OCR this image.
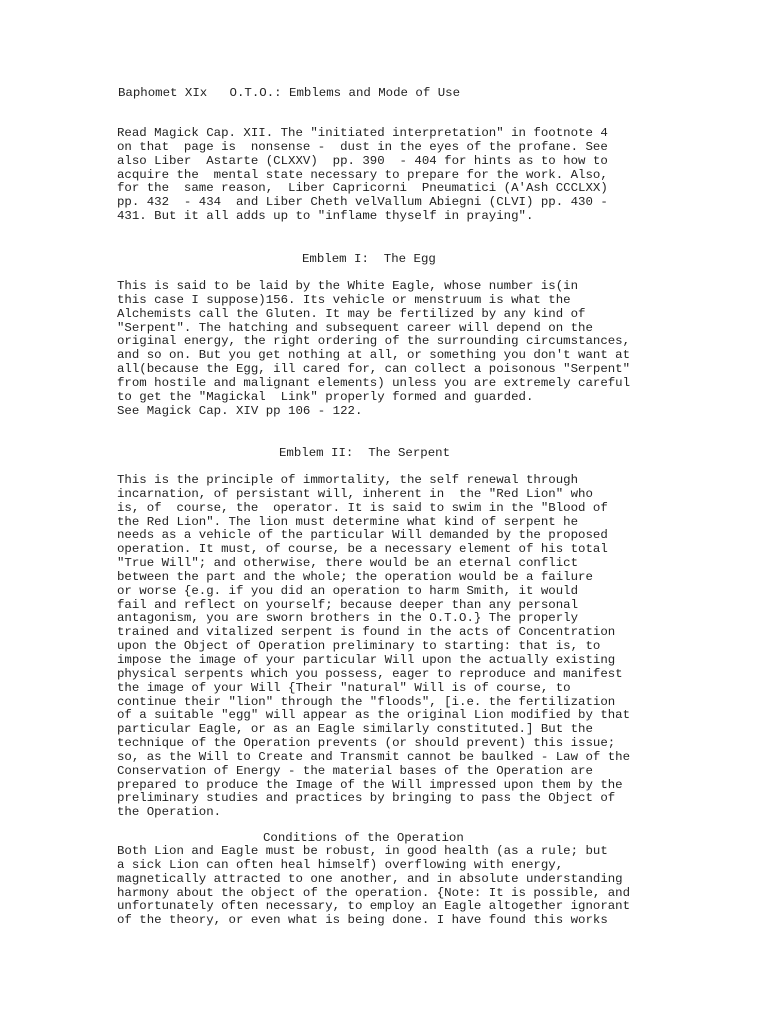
Baphomet XIx   O.T.O.: Emblems and Mode of Use
Read Magick Cap. XII. The "initiated interpretation" in footnote 4
on that  page is  nonsense -  dust in the eyes of the profane. See
also Liber  Astarte (CLXXV)  pp. 390  - 404 for hints as to how to
acquire the  mental state necessary to prepare for the work. Also,
for the  same reason,  Liber Capricorni  Pneumatici (A'Ash CCCLXX)
pp. 432  - 434  and Liber Cheth velVallum Abiegni (CLVI) pp. 430 -
431. But it all adds up to "inflame thyself in praying".
Emblem I:  The Egg
This is said to be laid by the White Eagle, whose number is(in
this case I suppose)156. Its vehicle or menstruum is what the
Alchemists call the Gluten. It may be fertilized by any kind of
"Serpent". The hatching and subsequent career will depend on the
original energy, the right ordering of the surrounding circumstances,
and so on. But you get nothing at all, or something you don't want at
all(because the Egg, ill cared for, can collect a poisonous "Serpent"
from hostile and malignant elements) unless you are extremely careful
to get the "Magickal  Link" properly formed and guarded.
See Magick Cap. XIV pp 106 - 122.
Emblem II:  The Serpent
This is the principle of immortality, the self renewal through
incarnation, of persistant will, inherent in  the "Red Lion" who
is, of  course, the  operator. It is said to swim in the "Blood of
the Red Lion". The lion must determine what kind of serpent he
needs as a vehicle of the particular Will demanded by the proposed
operation. It must, of course, be a necessary element of his total
"True Will"; and otherwise, there would be an eternal conflict
between the part and the whole; the operation would be a failure
or worse {e.g. if you did an operation to harm Smith, it would
fail and reflect on yourself; because deeper than any personal
antagonism, you are sworn brothers in the O.T.O.} The properly
trained and vitalized serpent is found in the acts of Concentration
upon the Object of Operation preliminary to starting: that is, to
impose the image of your particular Will upon the actually existing
physical serpents which you possess, eager to reproduce and manifest
the image of your Will {Their "natural" Will is of course, to
continue their "lion" through the "floods", [i.e. the fertilization
of a suitable "egg" will appear as the original Lion modified by that
particular Eagle, or as an Eagle similarly constituted.] But the
technique of the Operation prevents (or should prevent) this issue;
so, as the Will to Create and Transmit cannot be baulked - Law of the
Conservation of Energy - the material bases of the Operation are
prepared to produce the Image of the Will impressed upon them by the
preliminary studies and practices by bringing to pass the Object of
the Operation.
Conditions of the Operation
Both Lion and Eagle must be robust, in good health (as a rule; but
a sick Lion can often heal himself) overflowing with energy,
magnetically attracted to one another, and in absolute understanding
harmony about the object of the operation. {Note: It is possible, and
unfortunately often necessary, to employ an Eagle altogether ignorant
of the theory, or even what is being done. I have found this works
